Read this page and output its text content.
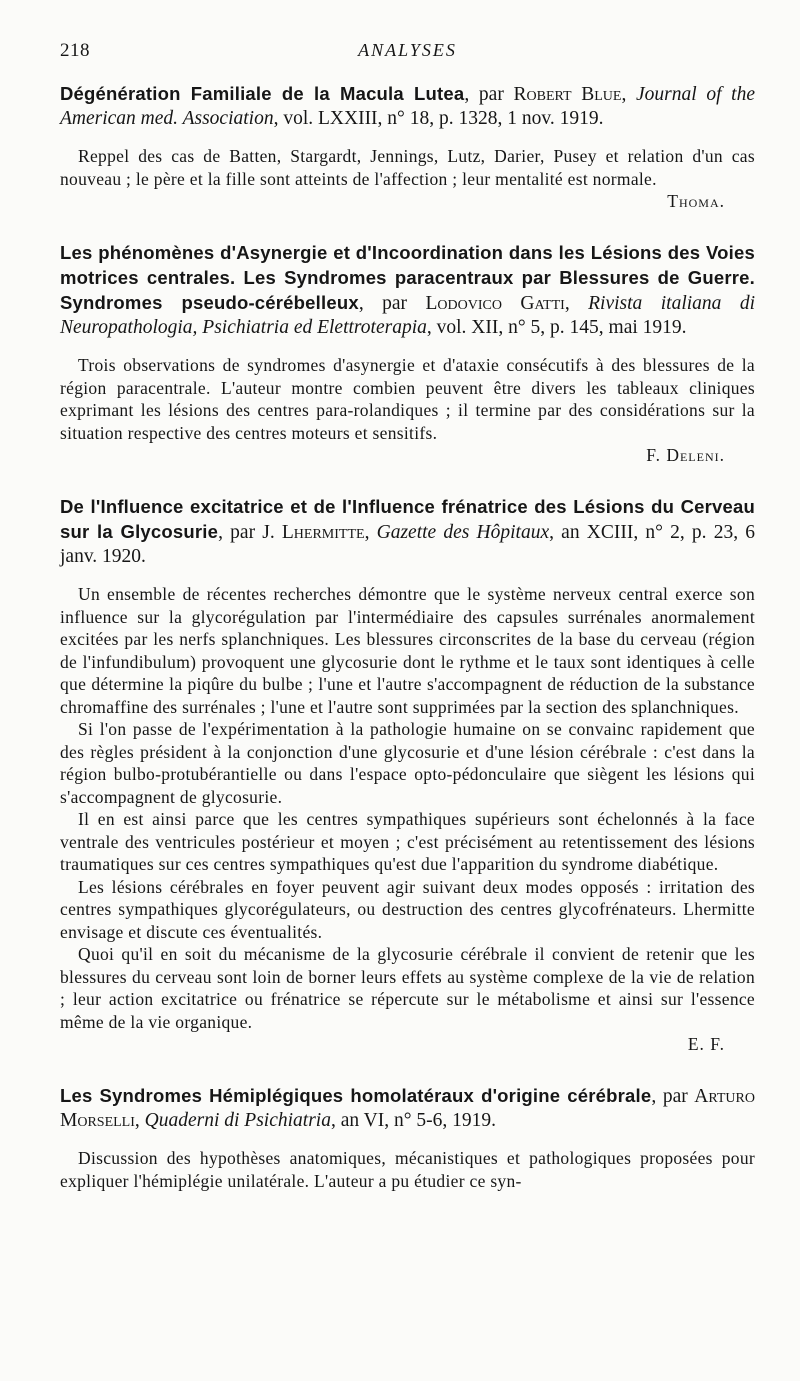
218	ANALYSES
Dégénération Familiale de la Macula Lutea, par Robert Blue, Journal of the American med. Association, vol. LXXIII, n° 18, p. 1328, 1 nov. 1919.

Reppel des cas de Batten, Stargardt, Jennings, Lutz, Darier, Pusey et relation d'un cas nouveau ; le père et la fille sont atteints de l'affection ; leur mentalité est normale.

Thoma.
Les phénomènes d'Asynergie et d'Incoordination dans les Lésions des Voies motrices centrales. Les Syndromes paracentraux par Blessures de Guerre. Syndromes pseudo-cérébelleux, par Lodovico Gatti, Rivista italiana di Neuropathologia, Psichiatria ed Elettroterapia, vol. XII, n° 5, p. 145, mai 1919.

Trois observations de syndromes d'asynergie et d'ataxie consécutifs à des blessures de la région paracentrale. L'auteur montre combien peuvent être divers les tableaux cliniques exprimant les lésions des centres para-rolandiques ; il termine par des considérations sur la situation respective des centres moteurs et sensitifs.

F. Deleni.
De l'Influence excitatrice et de l'Influence frénatrice des Lésions du Cerveau sur la Glycosurie, par J. Lhermitte, Gazette des Hôpitaux, an XCIII, n° 2, p. 23, 6 janv. 1920.

Un ensemble de récentes recherches démontre que le système nerveux central exerce son influence sur la glycorégulation par l'intermédiaire des capsules surrénales anormalement excitées par les nerfs splanchniques. Les blessures circonscrites de la base du cerveau (région de l'infundibulum) provoquent une glycosurie dont le rythme et le taux sont identiques à celle que détermine la piqûre du bulbe ; l'une et l'autre s'accompagnent de réduction de la substance chromaffine des surrénales ; l'une et l'autre sont supprimées par la section des splanchniques.

Si l'on passe de l'expérimentation à la pathologie humaine on se convainc rapidement que des règles président à la conjonction d'une glycosurie et d'une lésion cérébrale : c'est dans la région bulbo-protubérantielle ou dans l'espace opto-pédonculaire que siègent les lésions qui s'accompagnent de glycosurie.

Il en est ainsi parce que les centres sympathiques supérieurs sont échelonnés à la face ventrale des ventricules postérieur et moyen ; c'est précisément au retentissement des lésions traumatiques sur ces centres sympathiques qu'est due l'apparition du syndrome diabétique.

Les lésions cérébrales en foyer peuvent agir suivant deux modes opposés : irritation des centres sympathiques glycorégulateurs, ou destruction des centres glycofrénateurs. Lhermitte envisage et discute ces éventualités.

Quoi qu'il en soit du mécanisme de la glycosurie cérébrale il convient de retenir que les blessures du cerveau sont loin de borner leurs effets au système complexe de la vie de relation ; leur action excitatrice ou frénatrice se répercute sur le métabolisme et ainsi sur l'essence même de la vie organique.

E. F.
Les Syndromes Hémiplégiques homolatéraux d'origine cérébrale, par Arturo Morselli, Quaderni di Psichiatria, an VI, n° 5-6, 1919.

Discussion des hypothèses anatomiques, mécanistiques et pathologiques proposées pour expliquer l'hémiplégie unilatérale. L'auteur a pu étudier ce syn-
